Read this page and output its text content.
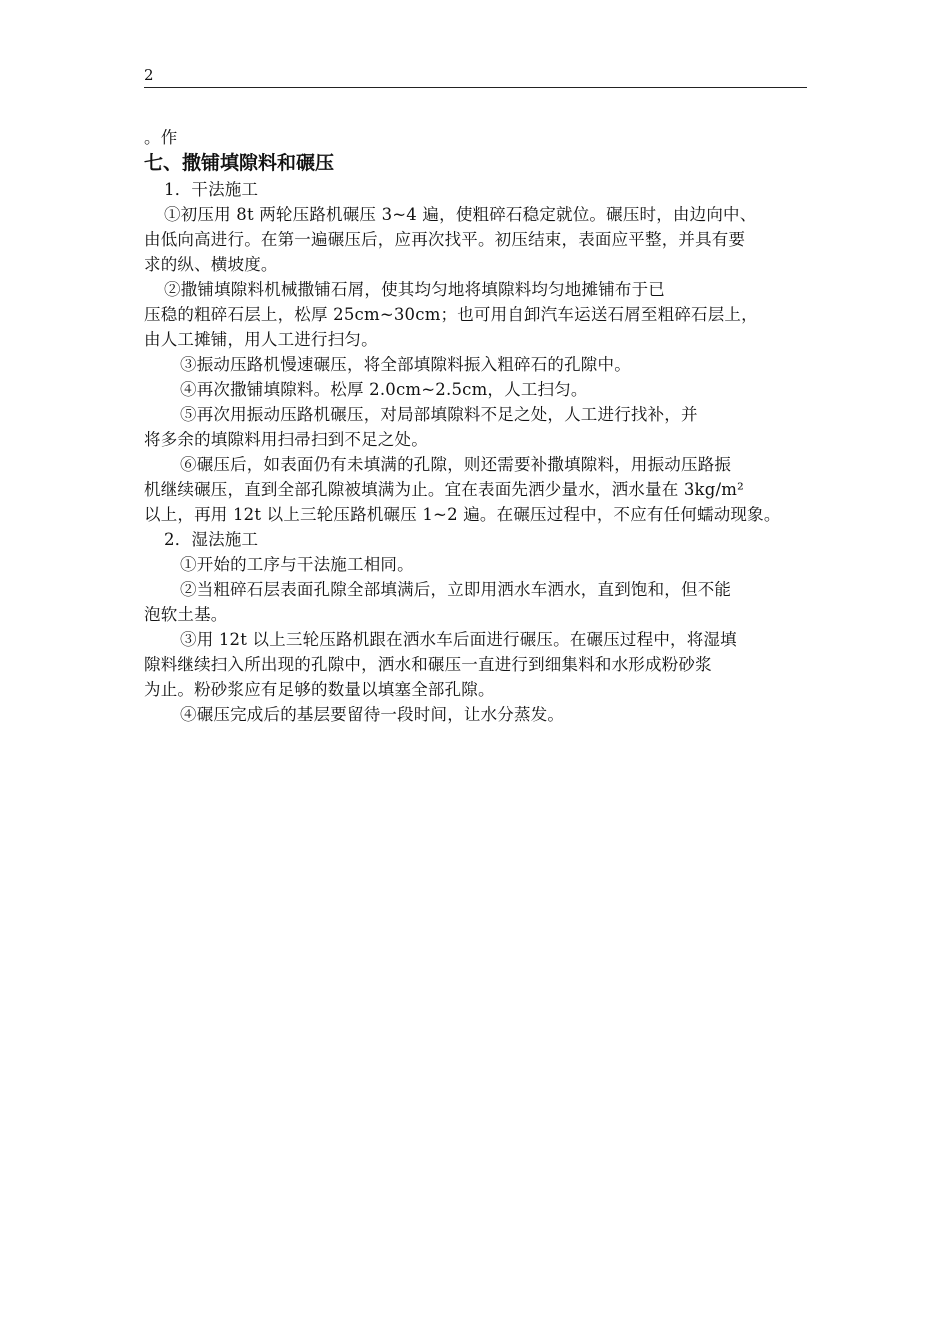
2
。作
七、撒铺填隙料和碾压
1．干法施工
①初压用 8t 两轮压路机碾压 3~4 遍，使粗碎石稳定就位。碾压时，由边向中、
由低向高进行。在第一遍碾压后，应再次找平。初压结束，表面应平整，并具有要
求的纵、横坡度。
②撒铺填隙料机械撒铺石屑，使其均匀地将填隙料均匀地摊铺布于已
压稳的粗碎石层上，松厚 25cm~30cm；也可用自卸汽车运送石屑至粗碎石层上，
由人工摊铺，用人工进行扫匀。
③振动压路机慢速碾压，将全部填隙料振入粗碎石的孔隙中。
④再次撒铺填隙料。松厚 2.0cm~2.5cm，人工扫匀。
⑤再次用振动压路机碾压，对局部填隙料不足之处，人工进行找补，并
将多余的填隙料用扫帚扫到不足之处。
⑥碾压后，如表面仍有未填满的孔隙，则还需要补撒填隙料，用振动压路振
机继续碾压，直到全部孔隙被填满为止。宜在表面先洒少量水，洒水量在 3kg/m²
以上，再用 12t 以上三轮压路机碾压 1~2 遍。在碾压过程中，不应有任何蠕动现象。
2．湿法施工
①开始的工序与干法施工相同。
②当粗碎石层表面孔隙全部填满后，立即用洒水车洒水，直到饱和，但不能
泡软土基。
③用 12t 以上三轮压路机跟在洒水车后面进行碾压。在碾压过程中，将湿填
隙料继续扫入所出现的孔隙中，洒水和碾压一直进行到细集料和水形成粉砂浆
为止。粉砂浆应有足够的数量以填塞全部孔隙。
④碾压完成后的基层要留待一段时间，让水分蒸发。
